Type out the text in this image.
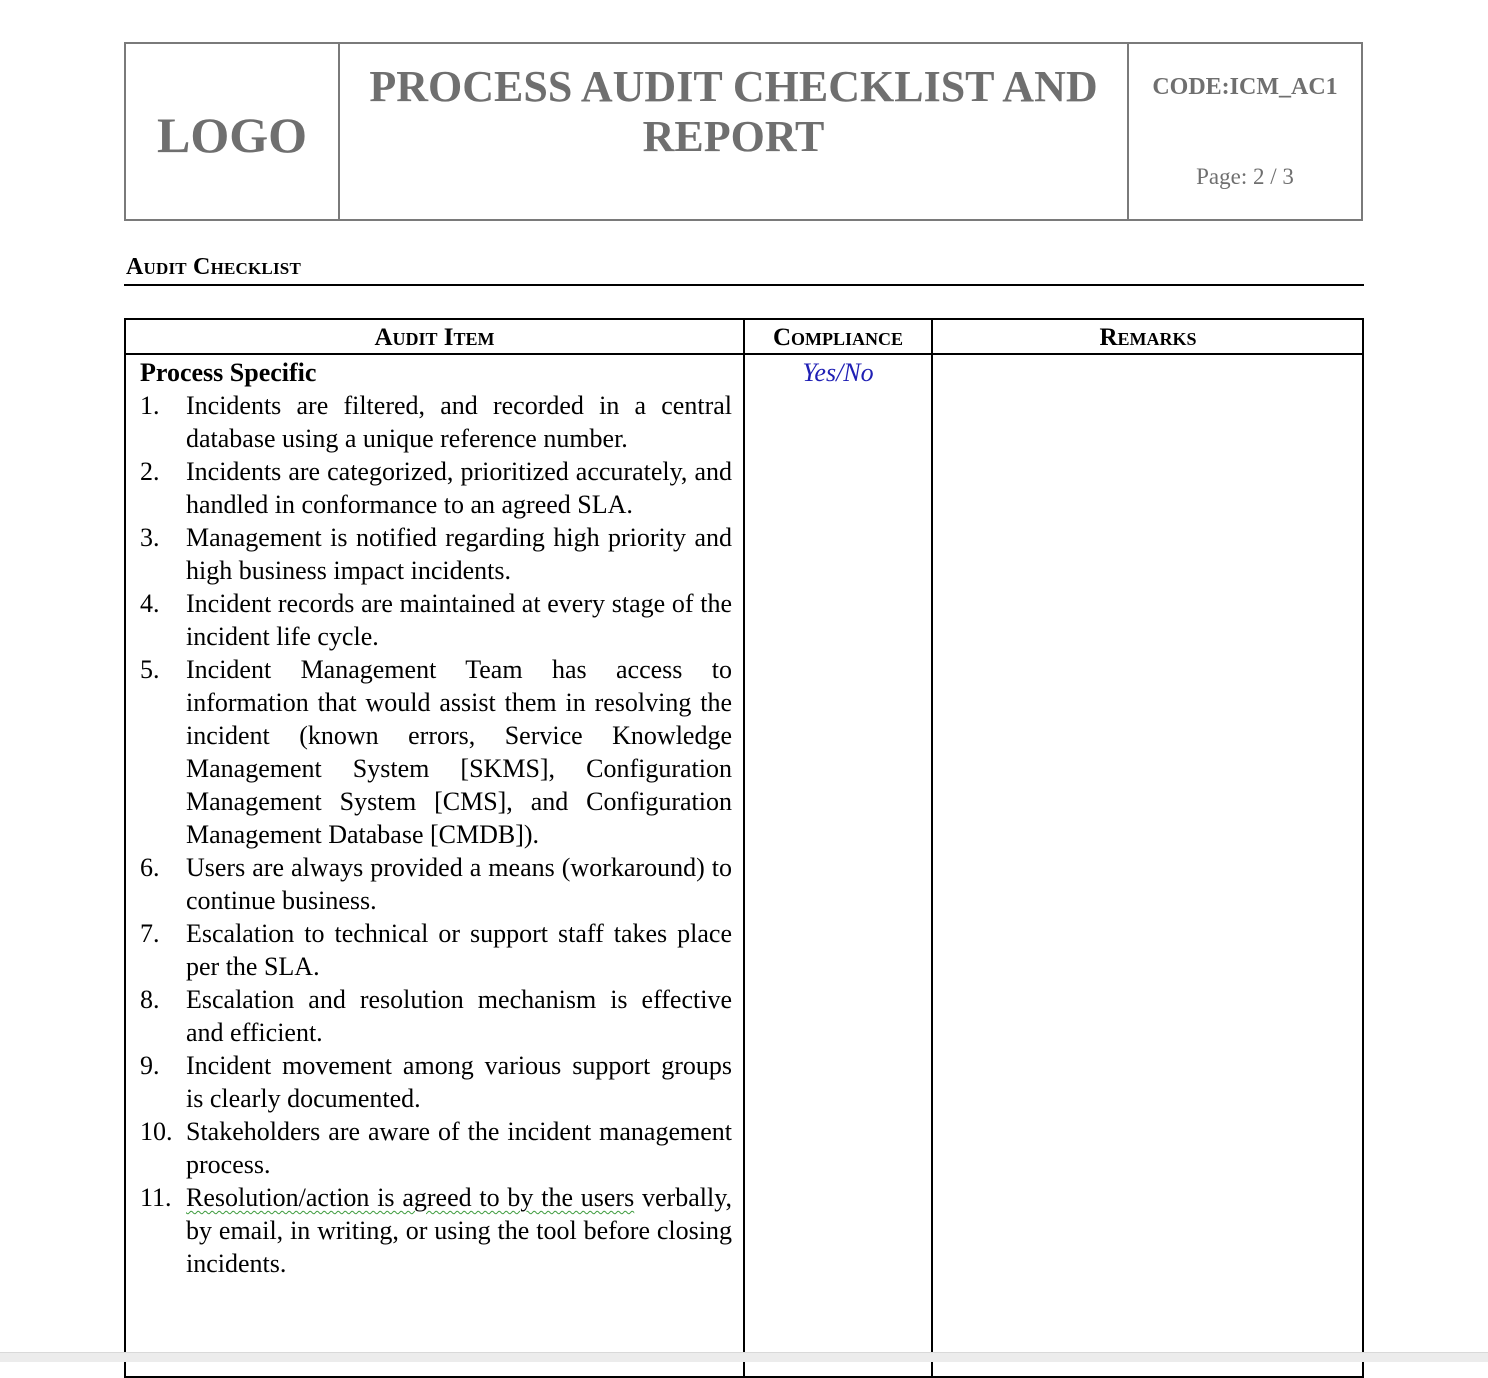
LOGO
PROCESS AUDIT CHECKLIST AND
REPORT
CODE:ICM_AC1
Page: 2 / 3
Audit Checklist
Audit Item	Compliance	Remarks
Process Specific
1. Incidents are filtered, and recorded in a central database using a unique reference number.
2. Incidents are categorized, prioritized accurately, and handled in conformance to an agreed SLA.
3. Management is notified regarding high priority and high business impact incidents.
4. Incident records are maintained at every stage of the incident life cycle.
5. Incident Management Team has access to information that would assist them in resolving the incident (known errors, Service Knowledge Management System [SKMS], Configuration Management System [CMS], and Configuration Management Database [CMDB]).
6. Users are always provided a means (workaround) to continue business.
7. Escalation to technical or support staff takes place per the SLA.
8. Escalation and resolution mechanism is effective and efficient.
9. Incident movement among various support groups is clearly documented.
10. Stakeholders are aware of the incident management process.
11. Resolution/action is agreed to by the users verbally, by email, in writing, or using the tool before closing incidents.
Yes/No
